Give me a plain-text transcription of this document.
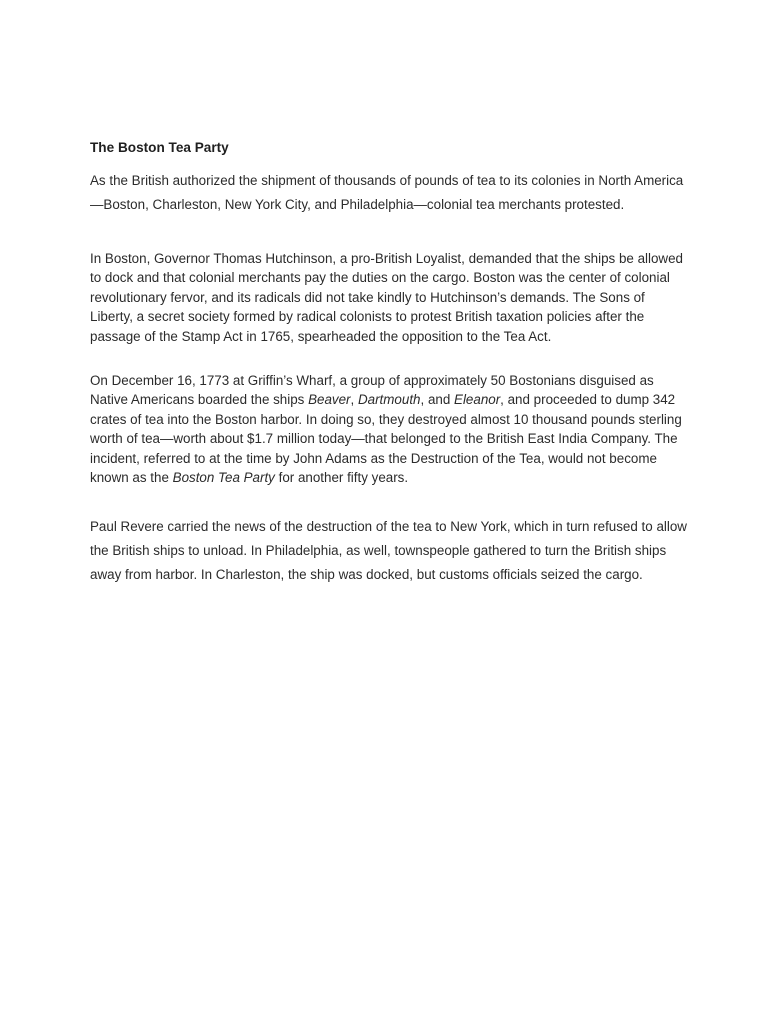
The Boston Tea Party

As the British authorized the shipment of thousands of pounds of tea to its colonies in North America—Boston, Charleston, New York City, and Philadelphia—colonial tea merchants protested.

In Boston, Governor Thomas Hutchinson, a pro-British Loyalist, demanded that the ships be allowed to dock and that colonial merchants pay the duties on the cargo. Boston was the center of colonial revolutionary fervor, and its radicals did not take kindly to Hutchinson’s demands. The Sons of Liberty, a secret society formed by radical colonists to protest British taxation policies after the passage of the Stamp Act in 1765, spearheaded the opposition to the Tea Act.

On December 16, 1773 at Griffin’s Wharf, a group of approximately 50 Bostonians disguised as Native Americans boarded the ships Beaver, Dartmouth, and Eleanor, and proceeded to dump 342 crates of tea into the Boston harbor. In doing so, they destroyed almost 10 thousand pounds sterling worth of tea—worth about $1.7 million today—that belonged to the British East India Company. The incident, referred to at the time by John Adams as the Destruction of the Tea, would not become known as the Boston Tea Party for another fifty years.

Paul Revere carried the news of the destruction of the tea to New York, which in turn refused to allow the British ships to unload. In Philadelphia, as well, townspeople gathered to turn the British ships away from harbor. In Charleston, the ship was docked, but customs officials seized the cargo.
